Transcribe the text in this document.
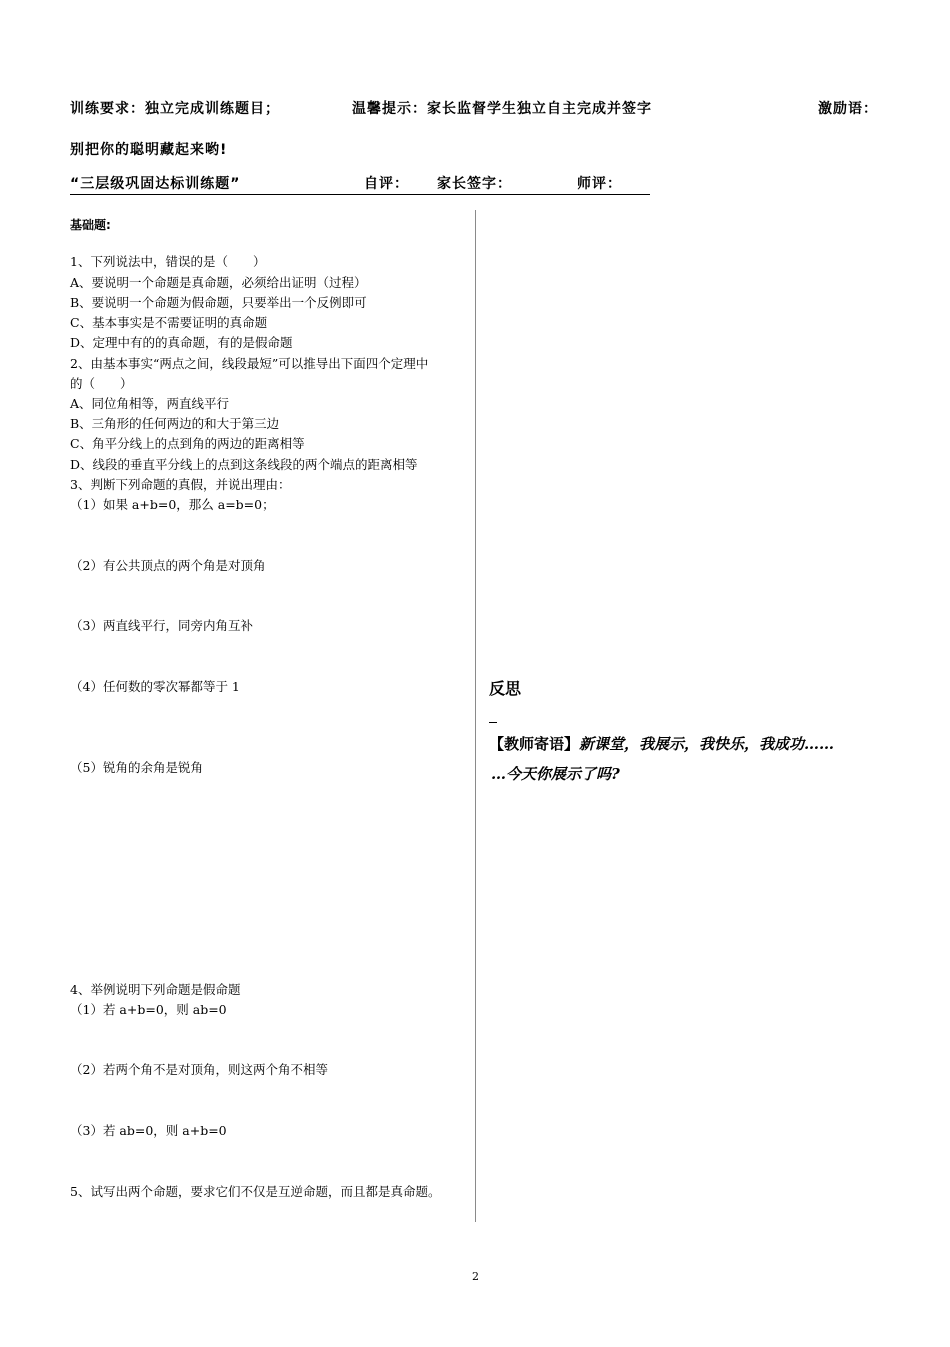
训练要求：独立完成训练题目；	温馨提示：家长监督学生独立自主完成并签字	激励语：
别把你的聪明藏起来哟!
“三层级巩固达标训练题”	自评： 家长签字：	师评：
基础题:
1、下列说法中，错误的是（　　）
A、要说明一个命题是真命题，必须给出证明（过程）
B、要说明一个命题为假命题，只要举出一个反例即可
C、基本事实是不需要证明的真命题
D、定理中有的的真命题，有的是假命题
2、由基本事实“两点之间，线段最短”可以推导出下面四个定理中
的（　　）
A、同位角相等，两直线平行
B、三角形的任何两边的和大于第三边
C、角平分线上的点到角的两边的距离相等
D、线段的垂直平分线上的点到这条线段的两个端点的距离相等
3、判断下列命题的真假，并说出理由：
（1）如果 a+b=0，那么 a=b=0；
（2）有公共顶点的两个角是对顶角
（3）两直线平行，同旁内角互补
（4）任何数的零次幂都等于 1
（5）锐角的余角是锐角
4、举例说明下列命题是假命题
（1）若 a+b=0，则 ab=0
（2）若两个角不是对顶角，则这两个角不相等
（3）若 ab=0，则 a+b=0
5、试写出两个命题，要求它们不仅是互逆命题，而且都是真命题。
反思
【教师寄语】新课堂，我展示，我快乐，我成功……
…今天你展示了吗?
2
